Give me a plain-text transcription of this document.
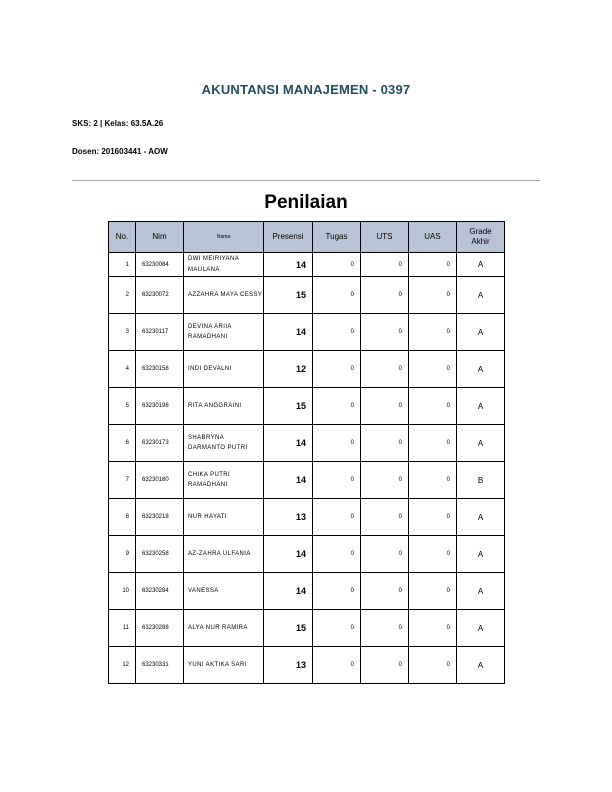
AKUNTANSI MANAJEMEN - 0397
SKS: 2 | Kelas: 63.5A.26
Dosen: 201603441 - AOW
Penilaian
No.	Nim	Nama	Presensi	Tugas	UTS	UAS	Grade
Akhir
1	63230084	DWI MEIRIYANA MAULANA	14	0	0	0	A
2	63230072	AZZAHRA MAYA CESSY	15	0	0	0	A
3	63230117	DEVINA ARIIA RAMADHANI	14	0	0	0	A
4	63230158	INDI DEVALNI	12	0	0	0	A
5	63230198	RITA ANGGRAINI	15	0	0	0	A
6	63230173	SHABRYNA DARMANTO PUTRI	14	0	0	0	A
7	63230180	CHIKA PUTRI RAMADHANI	14	0	0	0	B
8	63230218	NUR HAYATI	13	0	0	0	A
9	63230258	AZ-ZAHRA ULFANIA	14	0	0	0	A
10	63230284	VANESSA	14	0	0	0	A
11	63230288	ALYA NUR RAMIRA	15	0	0	0	A
12	63230331	YUNI AKTIKA SARI	13	0	0	0	A
